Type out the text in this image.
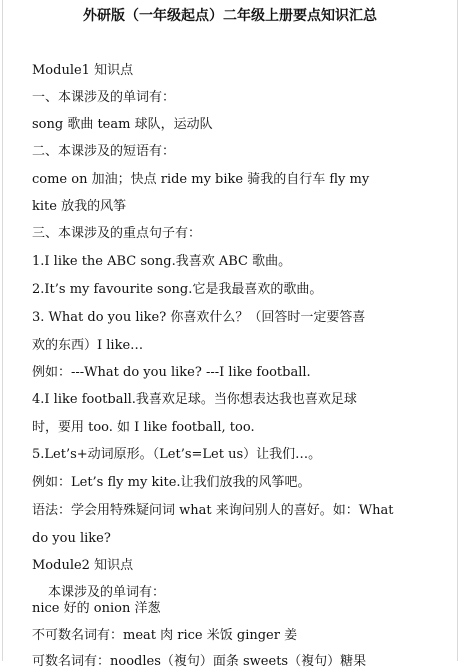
外研版（一年级起点）二年级上册要点知识汇总
Module1 知识点
一、本课涉及的单词有：
song 歌曲 team 球队，运动队
二、本课涉及的短语有：
come on 加油；快点 ride my bike 骑我的自行车 fly my
kite 放我的风筝
三、本课涉及的重点句子有：
1.I like the ABC song.我喜欢 ABC 歌曲。
2.It’s my favourite song.它是我最喜欢的歌曲。
3. What do you like? 你喜欢什么？（回答时一定要答喜
欢的东西）I like…
例如：---What do you like? ---I like football.
4.I like football.我喜欢足球。当你想表达我也喜欢足球
时，要用 too. 如 I like football, too.
5.Let’s+动词原形。（Let’s=Let us）让我们…。
例如：Let’s fly my kite.让我们放我的风筝吧。
语法：学会用特殊疑问词 what 来询问别人的喜好。如：What
do you like?
Module2 知识点
本课涉及的单词有：
nice 好的 onion 洋葱
不可数名词有：meat 肉 rice 米饭 ginger 姜
可数名词有：noodles（複句）面条 sweets（複句）糖果
